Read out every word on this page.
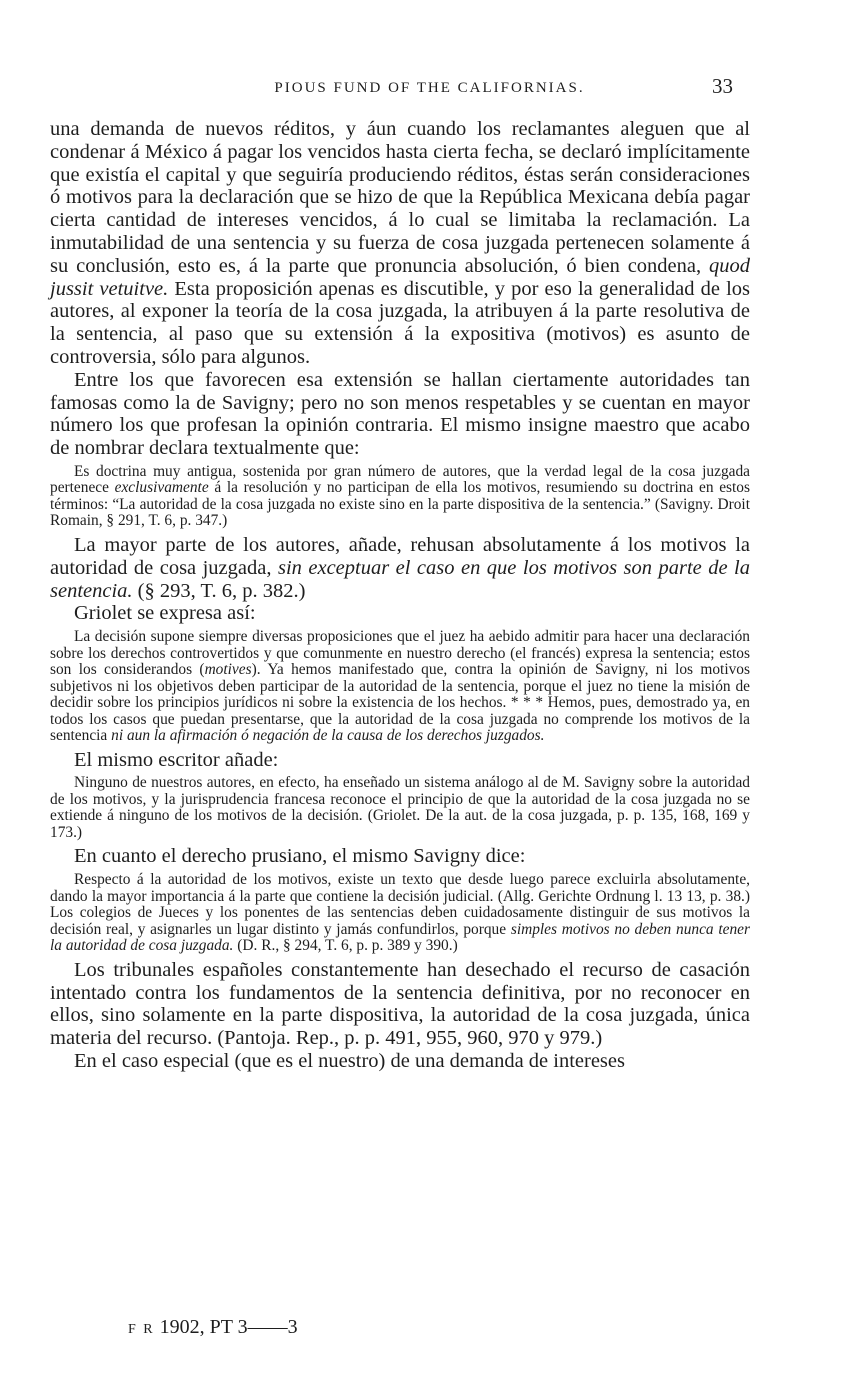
PIOUS FUND OF THE CALIFORNIAS.	33

una demanda de nuevos réditos, y áun cuando los reclamantes aleguen que al condenar á México á pagar los vencidos hasta cierta fecha, se declaró implícitamente que existía el capital y que seguiría produciendo réditos, éstas serán consideraciones ó motivos para la declaración que se hizo de que la República Mexicana debía pagar cierta cantidad de intereses vencidos, á lo cual se limitaba la reclamación. La inmutabilidad de una sentencia y su fuerza de cosa juzgada pertenecen solamente á su conclusión, esto es, á la parte que pronuncia absolución, ó bien condena, quod jussit vetuitve. Esta proposición apenas es discutible, y por eso la generalidad de los autores, al exponer la teoría de la cosa juzgada, la atribuyen á la parte resolutiva de la sentencia, al paso que su extensión á la expositiva (motivos) es asunto de controversia, sólo para algunos.

Entre los que favorecen esa extensión se hallan ciertamente autoridades tan famosas como la de Savigny; pero no son menos respetables y se cuentan en mayor número los que profesan la opinión contraria. El mismo insigne maestro que acabo de nombrar declara textualmente que:

Es doctrina muy antigua, sostenida por gran número de autores, que la verdad legal de la cosa juzgada pertenece exclusivamente á la resolución y no participan de ella los motivos, resumiendo su doctrina en estos términos: “La autoridad de la cosa juzgada no existe sino en la parte dispositiva de la sentencia.” (Savigny. Droit Romain, § 291, T. 6, p. 347.)

La mayor parte de los autores, añade, rehusan absolutamente á los motivos la autoridad de cosa juzgada, sin exceptuar el caso en que los motivos son parte de la sentencia. (§ 293, T. 6, p. 382.)

Griolet se expresa así:

La decisión supone siempre diversas proposiciones que el juez ha aebido admitir para hacer una declaración sobre los derechos controvertidos y que comunmente en nuestro derecho (el francés) expresa la sentencia; estos son los considerandos (motives). Ya hemos manifestado que, contra la opinión de Savigny, ni los motivos subjetivos ni los objetivos deben participar de la autoridad de la sentencia, porque el juez no tiene la misión de decidir sobre los principios jurídicos ni sobre la existencia de los hechos. * * * Hemos, pues, demostrado ya, en todos los casos que puedan presentarse, que la autoridad de la cosa juzgada no comprende los motivos de la sentencia ni aun la afirmación ó negación de la causa de los derechos juzgados.

El mismo escritor añade:

Ninguno de nuestros autores, en efecto, ha enseñado un sistema análogo al de M. Savigny sobre la autoridad de los motivos, y la jurisprudencia francesa reconoce el principio de que la autoridad de la cosa juzgada no se extiende á ninguno de los motivos de la decisión. (Griolet. De la aut. de la cosa juzgada, p. p. 135, 168, 169 y 173.)

En cuanto el derecho prusiano, el mismo Savigny dice:

Respecto á la autoridad de los motivos, existe un texto que desde luego parece excluirla absolutamente, dando la mayor importancia á la parte que contiene la decisión judicial. (Allg. Gerichte Ordnung l. 13 13, p. 38.) Los colegios de Jueces y los ponentes de las sentencias deben cuidadosamente distinguir de sus motivos la decisión real, y asignarles un lugar distinto y jamás confundirlos, porque simples motivos no deben nunca tener la autoridad de cosa juzgada. (D. R., § 294, T. 6, p. p. 389 y 390.)

Los tribunales españoles constantemente han desechado el recurso de casación intentado contra los fundamentos de la sentencia definitiva, por no reconocer en ellos, sino solamente en la parte dispositiva, la autoridad de la cosa juzgada, única materia del recurso. (Pantoja. Rep., p. p. 491, 955, 960, 970 y 979.)

En el caso especial (que es el nuestro) de una demanda de intereses

F R 1902, PT 3——3
